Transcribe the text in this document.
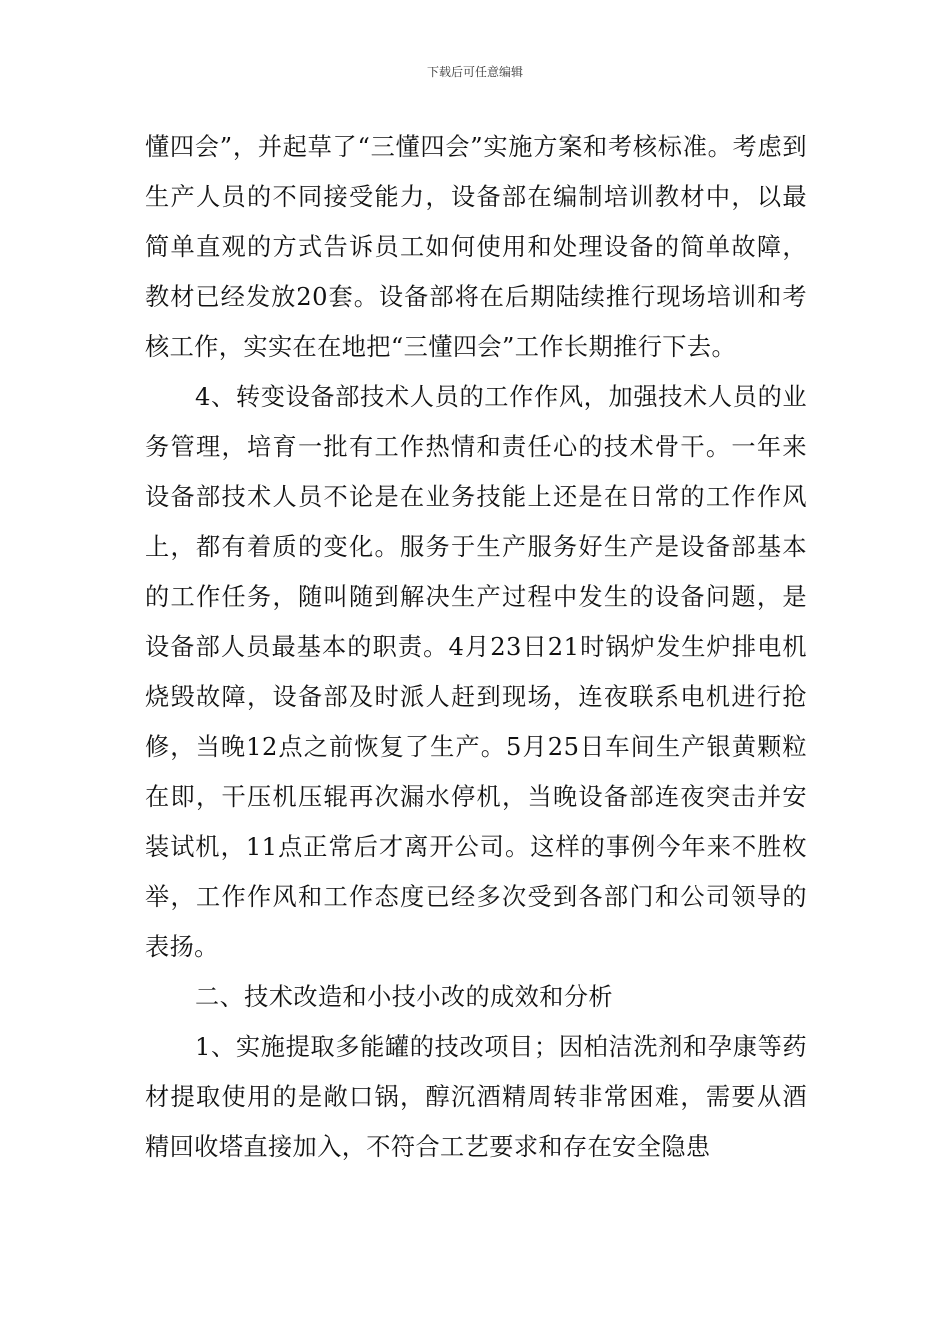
下载后可任意编辑

懂四会”，并起草了“三懂四会”实施方案和考核标准。考虑到生产人员的不同接受能力，设备部在编制培训教材中，以最简单直观的方式告诉员工如何使用和处理设备的简单故障，教材已经发放20套。设备部将在后期陆续推行现场培训和考核工作，实实在在地把“三懂四会”工作长期推行下去。

4、转变设备部技术人员的工作作风，加强技术人员的业务管理，培育一批有工作热情和责任心的技术骨干。一年来设备部技术人员不论是在业务技能上还是在日常的工作作风上，都有着质的变化。服务于生产服务好生产是设备部基本的工作任务，随叫随到解决生产过程中发生的设备问题，是设备部人员最基本的职责。4月23日21时锅炉发生炉排电机烧毁故障，设备部及时派人赶到现场，连夜联系电机进行抢修，当晚12点之前恢复了生产。5月25日车间生产银黄颗粒在即，干压机压辊再次漏水停机，当晚设备部连夜突击并安装试机，11点正常后才离开公司。这样的事例今年来不胜枚举，工作作风和工作态度已经多次受到各部门和公司领导的表扬。

二、技术改造和小技小改的成效和分析

1、实施提取多能罐的技改项目；因柏洁洗剂和孕康等药材提取使用的是敞口锅，醇沉酒精周转非常困难，需要从酒精回收塔直接加入，不符合工艺要求和存在安全隐患
